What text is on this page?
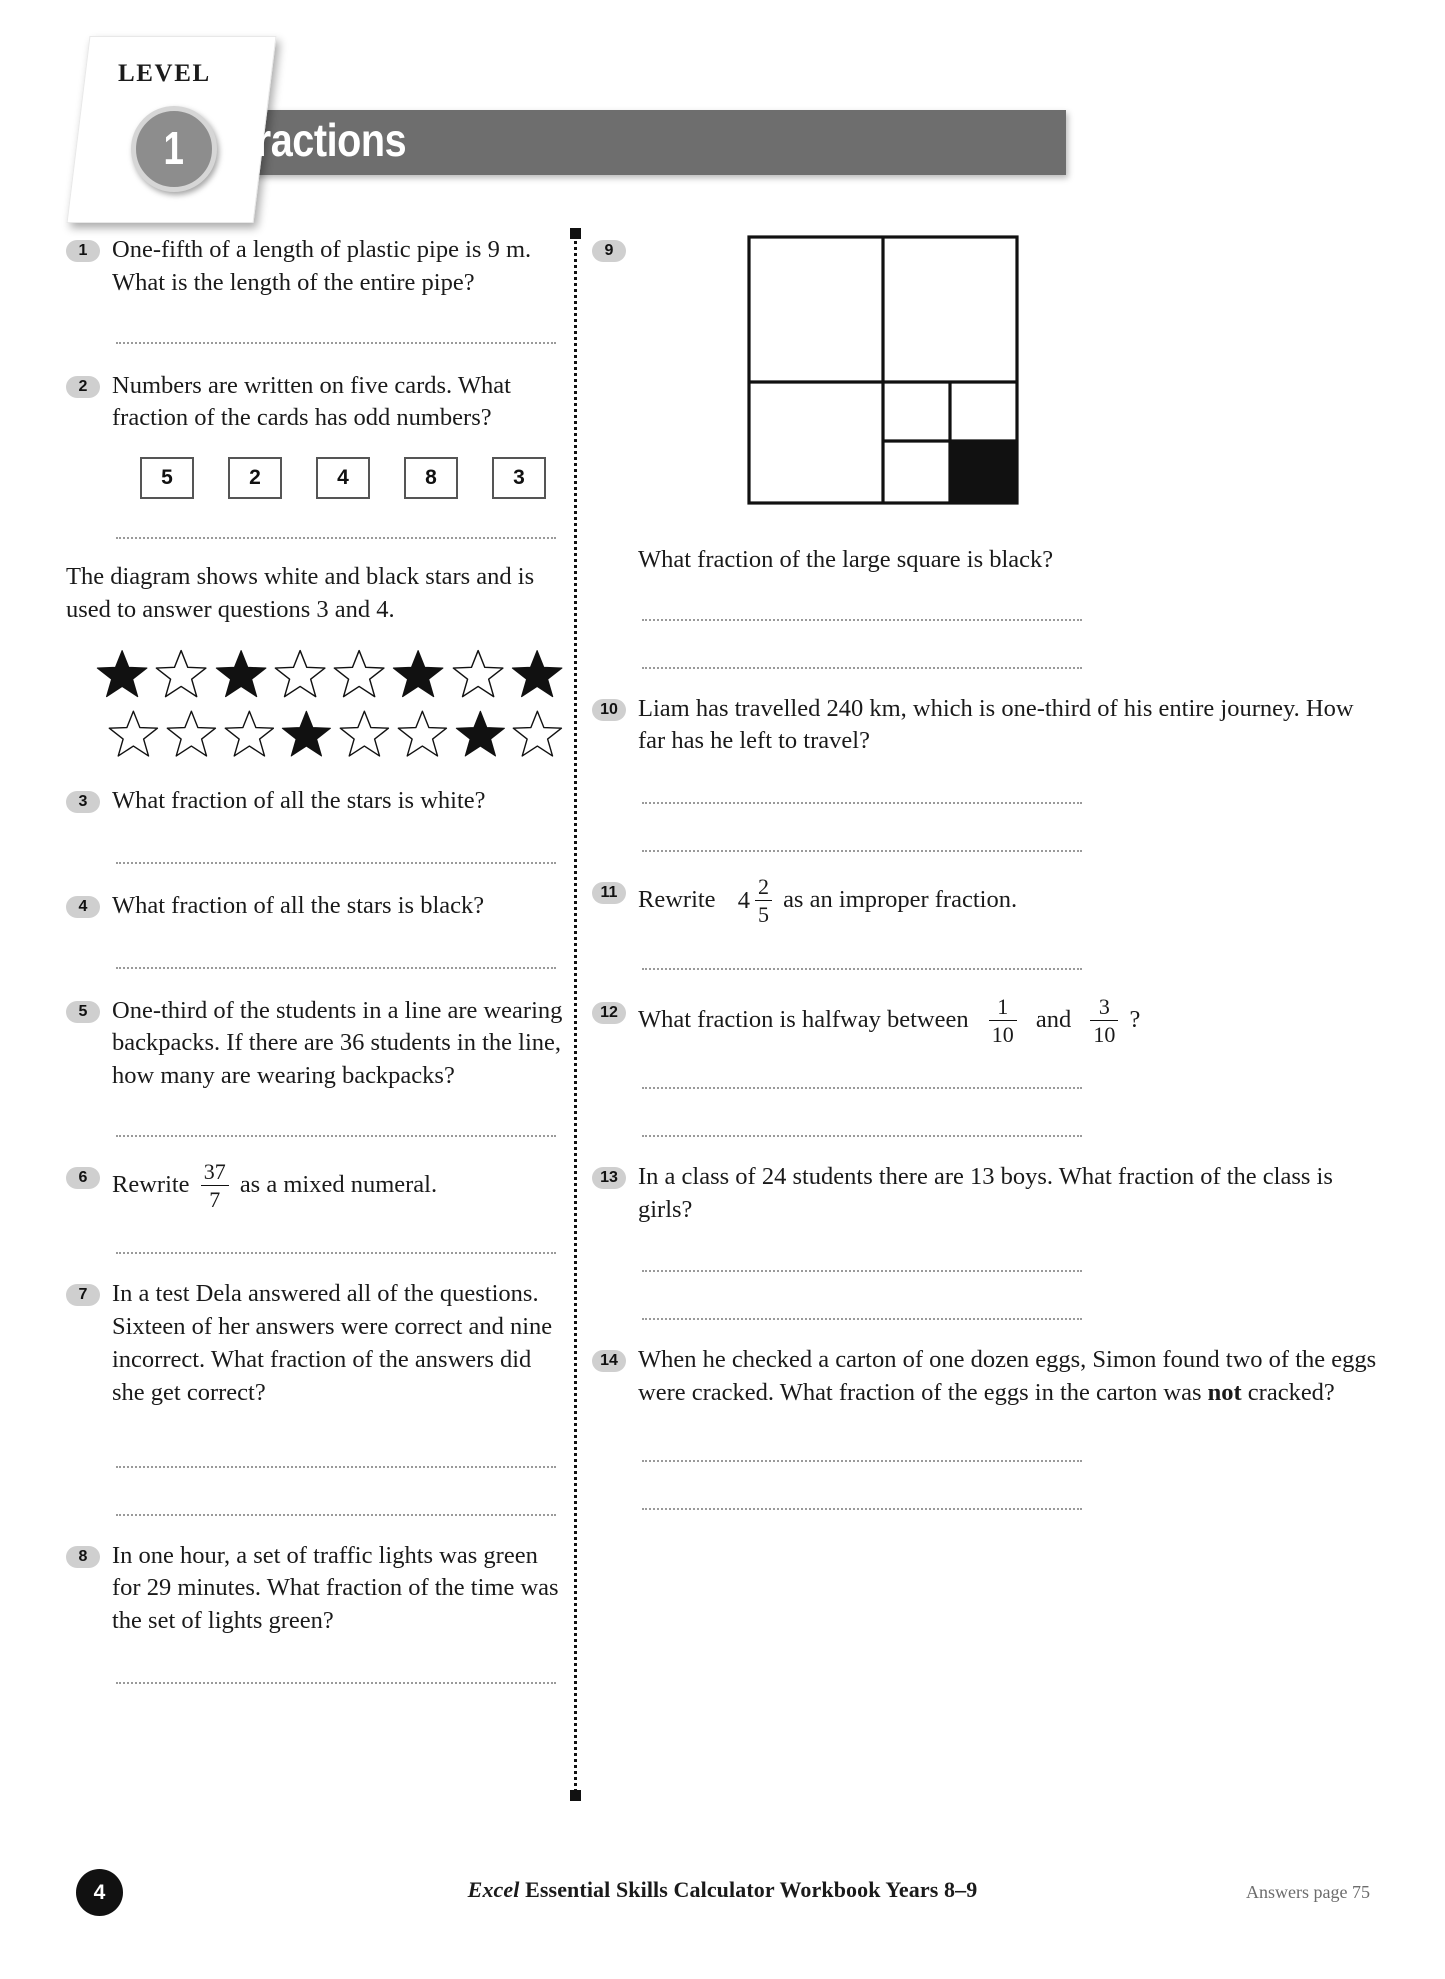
LEVEL
1 Fractions
1	One-fifth of a length of plastic pipe is 9 m. What is the length of the entire pipe?
2	Numbers are written on five cards. What fraction of the cards has odd numbers?
5	2	4	8	3
The diagram shows white and black stars and is used to answer questions 3 and 4.
3	What fraction of all the stars is white?
4	What fraction of all the stars is black?
5	One-third of the students in a line are wearing backpacks. If there are 36 students in the line, how many are wearing backpacks?
6	Rewrite $\frac{37}{7}$ as a mixed numeral.
7	In a test Dela answered all of the questions. Sixteen of her answers were correct and nine incorrect. What fraction of the answers did she get correct?
8	In one hour, a set of traffic lights was green for 29 minutes. What fraction of the time was the set of lights green?
9
What fraction of the large square is black?
10 Liam has travelled 240 km, which is one-third of his entire journey. How far has he left to travel?
11 Rewrite $4 \frac{2}{5}$ as an improper fraction.
12 What fraction is halfway between $\frac{1}{10}$ and $\frac{3}{10}$ ?
13 In a class of 24 students there are 13 boys. What fraction of the class is girls?
14 When he checked a carton of one dozen eggs, Simon found two of the eggs were cracked. What fraction of the eggs in the carton was not cracked?
4	Excel Essential Skills Calculator Workbook Years 8–9	Answers page 75
